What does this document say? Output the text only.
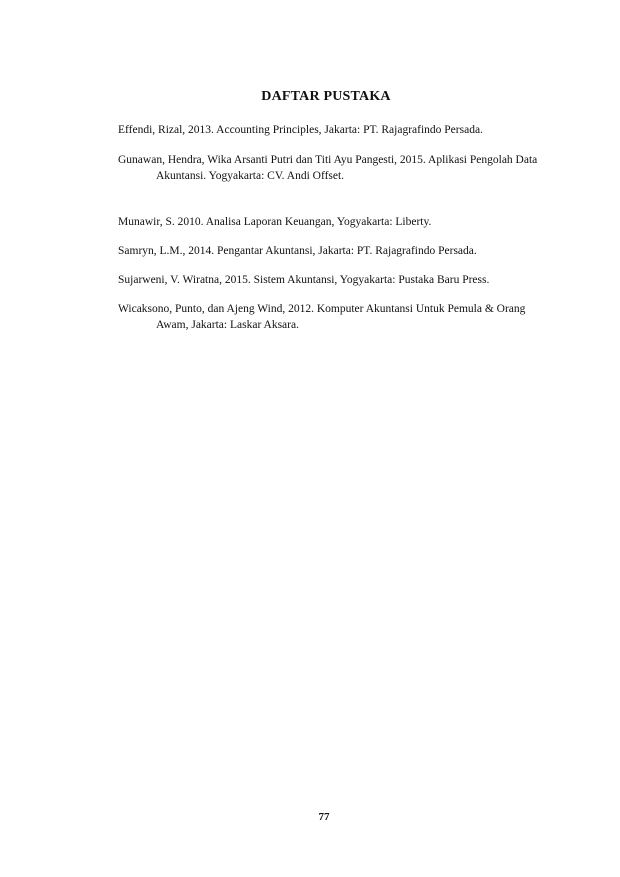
DAFTAR PUSTAKA
Effendi, Rizal, 2013. Accounting Principles, Jakarta: PT. Rajagrafindo Persada.
Gunawan, Hendra, Wika Arsanti Putri dan Titi Ayu Pangesti, 2015. Aplikasi Pengolah Data Akuntansi. Yogyakarta: CV. Andi Offset.
Munawir, S. 2010. Analisa Laporan Keuangan, Yogyakarta: Liberty.
Samryn, L.M., 2014. Pengantar Akuntansi, Jakarta: PT. Rajagrafindo Persada.
Sujarweni, V. Wiratna, 2015. Sistem Akuntansi, Yogyakarta: Pustaka Baru Press.
Wicaksono, Punto, dan Ajeng Wind, 2012. Komputer Akuntansi Untuk Pemula & Orang Awam, Jakarta: Laskar Aksara.
77
